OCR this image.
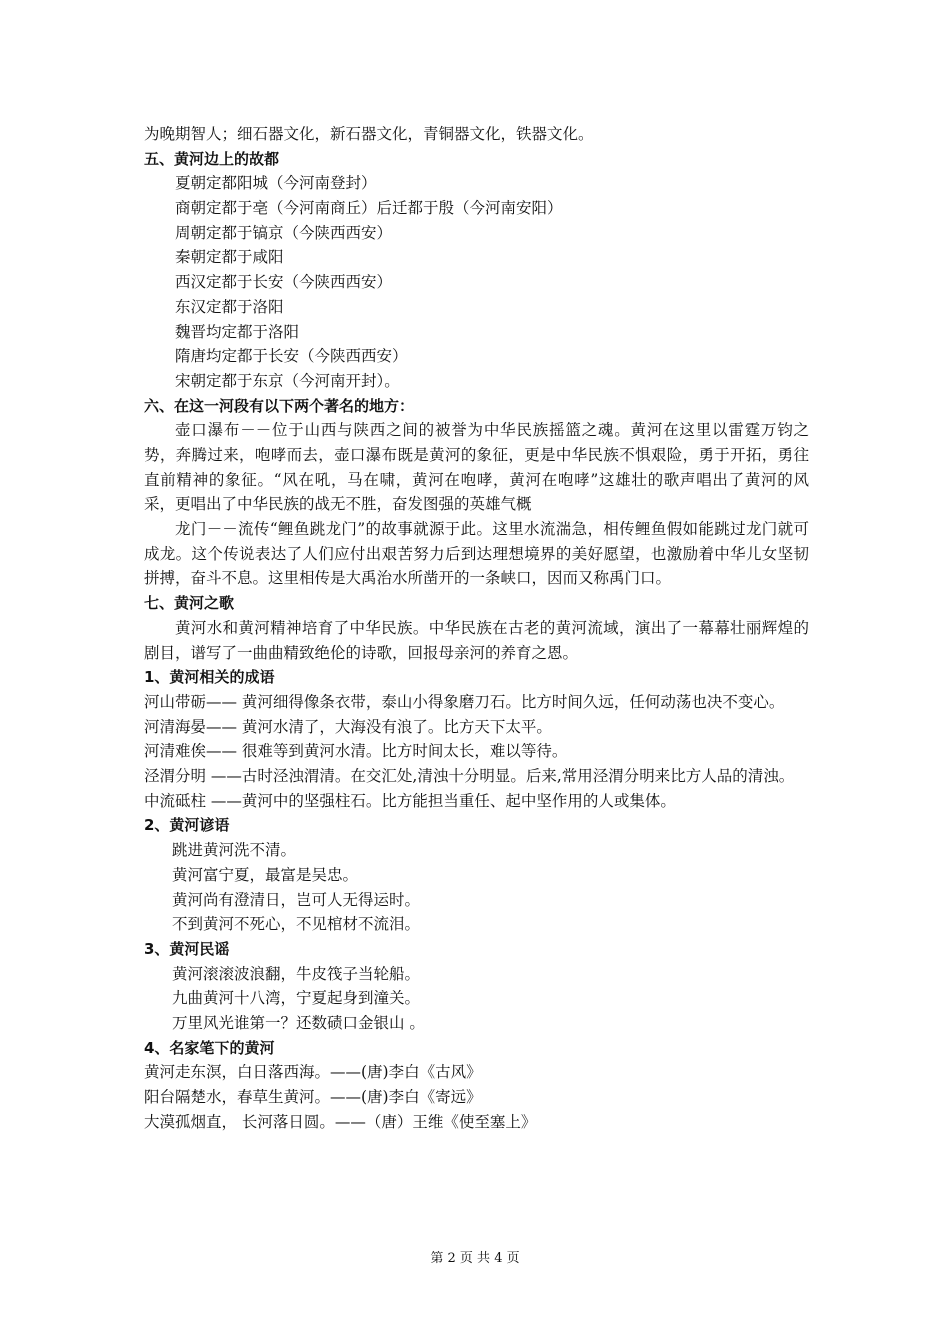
为晚期智人；细石器文化，新石器文化，青铜器文化，铁器文化。

五、黄河边上的故都

夏朝定都阳城（今河南登封）

商朝定都于亳（今河南商丘）后迁都于殷（今河南安阳）

周朝定都于镐京（今陕西西安）

秦朝定都于咸阳

西汉定都于长安（今陕西西安）

东汉定都于洛阳

魏晋均定都于洛阳

隋唐均定都于长安（今陕西西安）

宋朝定都于东京（今河南开封）。

六、在这一河段有以下两个著名的地方：

壶口瀑布－－位于山西与陕西之间的被誉为中华民族摇篮之魂。黄河在这里以雷霆万钧之势，奔腾过来，咆哮而去，壶口瀑布既是黄河的象征，更是中华民族不惧艰险，勇于开拓，勇往直前精神的象征。“风在吼，马在啸，黄河在咆哮，黄河在咆哮”这雄壮的歌声唱出了黄河的风采，更唱出了中华民族的战无不胜，奋发图强的英雄气概

龙门－－流传“鲤鱼跳龙门”的故事就源于此。这里水流湍急，相传鲤鱼假如能跳过龙门就可成龙。这个传说表达了人们应付出艰苦努力后到达理想境界的美好愿望，也激励着中华儿女坚韧拼搏，奋斗不息。这里相传是大禹治水所凿开的一条峡口，因而又称禹门口。

七、黄河之歌

黄河水和黄河精神培育了中华民族。中华民族在古老的黄河流域，演出了一幕幕壮丽辉煌的剧目，谱写了一曲曲精致绝伦的诗歌，回报母亲河的养育之恩。

1、黄河相关的成语

河山带砺—— 黄河细得像条衣带，泰山小得象磨刀石。比方时间久远，任何动荡也决不变心。

河清海晏—— 黄河水清了，大海没有浪了。比方天下太平。

河清难俟—— 很难等到黄河水清。比方时间太长，难以等待。

泾渭分明 ——古时泾浊渭清。在交汇处,清浊十分明显。后来,常用泾渭分明来比方人品的清浊。

中流砥柱 ——黄河中的坚强柱石。比方能担当重任、起中坚作用的人或集体。

2、黄河谚语

跳进黄河洗不清。

黄河富宁夏，最富是吴忠。

黄河尚有澄清日，岂可人无得运时。

不到黄河不死心，不见棺材不流泪。

3、黄河民谣

黄河滚滚波浪翻，牛皮筏子当轮船。

九曲黄河十八湾，宁夏起身到潼关。

万里风光谁第一？还数碛口金银山 。

4、名家笔下的黄河

黄河走东溟，白日落西海。——(唐)李白《古风》

阳台隔楚水，春草生黄河。——(唐)李白《寄远》

大漠孤烟直， 长河落日圆。——（唐）王维《使至塞上》

第 2 页 共 4 页
